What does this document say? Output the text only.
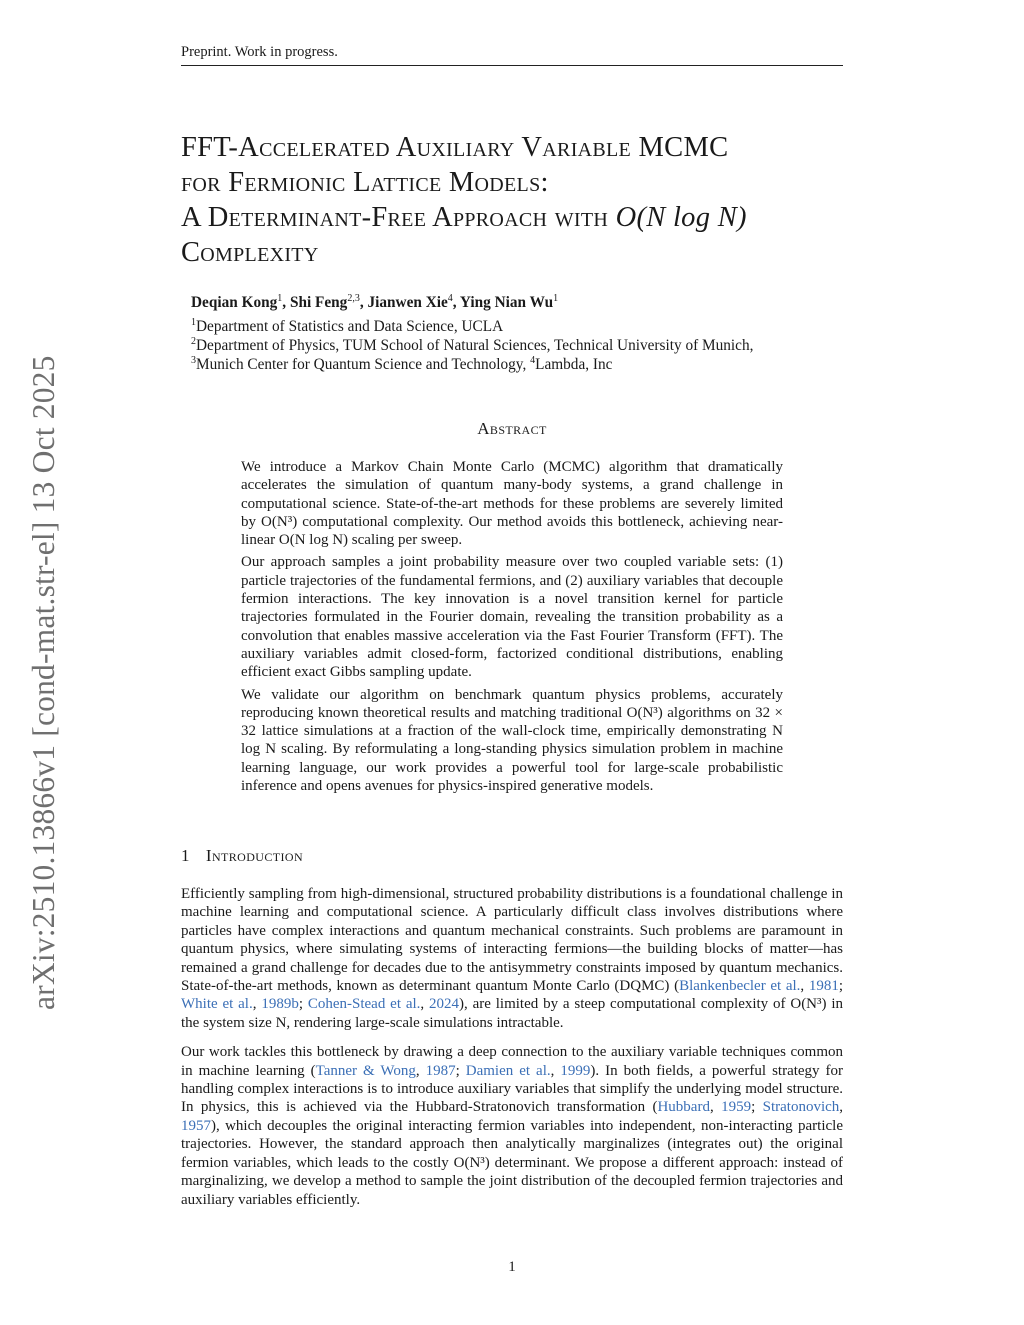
arXiv:2510.13866v1 [cond-mat.str-el] 13 Oct 2025
Preprint. Work in progress.
FFT-Accelerated Auxiliary Variable MCMC
for Fermionic Lattice Models:
A Determinant-Free Approach with O(N log N)
Complexity
Deqian Kong$^1$, Shi Feng$^{2,3}$, Jianwen Xie$^4$, Ying Nian Wu$^1$
$^1$Department of Statistics and Data Science, UCLA
$^2$Department of Physics, TUM School of Natural Sciences, Technical University of Munich,
$^3$Munich Center for Quantum Science and Technology, $^4$Lambda, Inc
Abstract

We introduce a Markov Chain Monte Carlo (MCMC) algorithm that dramatically accelerates the simulation of quantum many-body systems, a grand challenge in computational science. State-of-the-art methods for these problems are severely limited by O(N³) computational complexity. Our method avoids this bottleneck, achieving near-linear O(N log N) scaling per sweep.

Our approach samples a joint probability measure over two coupled variable sets: (1) particle trajectories of the fundamental fermions, and (2) auxiliary variables that decouple fermion interactions. The key innovation is a novel transition kernel for particle trajectories formulated in the Fourier domain, revealing the transition probability as a convolution that enables massive acceleration via the Fast Fourier Transform (FFT). The auxiliary variables admit closed-form, factorized conditional distributions, enabling efficient exact Gibbs sampling update.

We validate our algorithm on benchmark quantum physics problems, accurately reproducing known theoretical results and matching traditional O(N³) algorithms on 32 × 32 lattice simulations at a fraction of the wall-clock time, empirically demonstrating N log N scaling. By reformulating a long-standing physics simulation problem in machine learning language, our work provides a powerful tool for large-scale probabilistic inference and opens avenues for physics-inspired generative models.

1 Introduction

Efficiently sampling from high-dimensional, structured probability distributions is a foundational challenge in machine learning and computational science. A particularly difficult class involves distributions where particles have complex interactions and quantum mechanical constraints. Such problems are paramount in quantum physics, where simulating systems of interacting fermions—the building blocks of matter—has remained a grand challenge for decades due to the antisymmetry constraints imposed by quantum mechanics. State-of-the-art methods, known as determinant quantum Monte Carlo (DQMC) (Blankenbecler et al., 1981; White et al., 1989b; Cohen-Stead et al., 2024), are limited by a steep computational complexity of O(N³) in the system size N, rendering large-scale simulations intractable.

Our work tackles this bottleneck by drawing a deep connection to the auxiliary variable techniques common in machine learning (Tanner & Wong, 1987; Damien et al., 1999). In both fields, a powerful strategy for handling complex interactions is to introduce auxiliary variables that simplify the underlying model structure. In physics, this is achieved via the Hubbard-Stratonovich transformation (Hubbard, 1959; Stratonovich, 1957), which decouples the original interacting fermion variables into independent, non-interacting particle trajectories. However, the standard approach then analytically marginalizes (integrates out) the original fermion variables, which leads to the costly O(N³) determinant. We propose a different approach: instead of marginalizing, we develop a method to sample the joint distribution of the decoupled fermion trajectories and auxiliary variables efficiently.

1
